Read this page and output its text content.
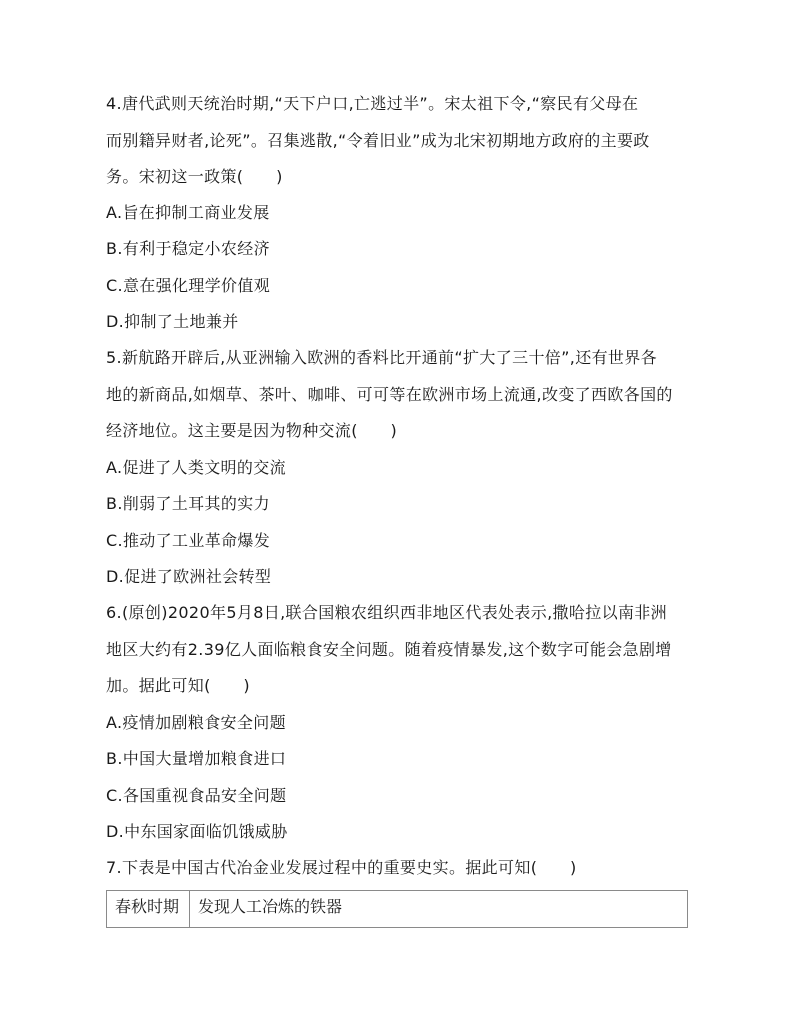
4.唐代武则天统治时期,“天下户口,亡逃过半”。宋太祖下令,“察民有父母在
而别籍异财者,论死”。召集逃散,“令着旧业”成为北宋初期地方政府的主要政
务。宋初这一政策(　　)
A.旨在抑制工商业发展
B.有利于稳定小农经济
C.意在强化理学价值观
D.抑制了土地兼并
5.新航路开辟后,从亚洲输入欧洲的香料比开通前“扩大了三十倍”,还有世界各
地的新商品,如烟草、茶叶、咖啡、可可等在欧洲市场上流通,改变了西欧各国的
经济地位。这主要是因为物种交流(　　)
A.促进了人类文明的交流
B.削弱了土耳其的实力
C.推动了工业革命爆发
D.促进了欧洲社会转型
6.(原创)2020年5月8日,联合国粮农组织西非地区代表处表示,撒哈拉以南非洲
地区大约有2.39亿人面临粮食安全问题。随着疫情暴发,这个数字可能会急剧增
加。据此可知(　　)
A.疫情加剧粮食安全问题
B.中国大量增加粮食进口
C.各国重视食品安全问题
D.中东国家面临饥饿威胁
7.下表是中国古代冶金业发展过程中的重要史实。据此可知(　　)
春秋时期	发现人工冶炼的铁器
